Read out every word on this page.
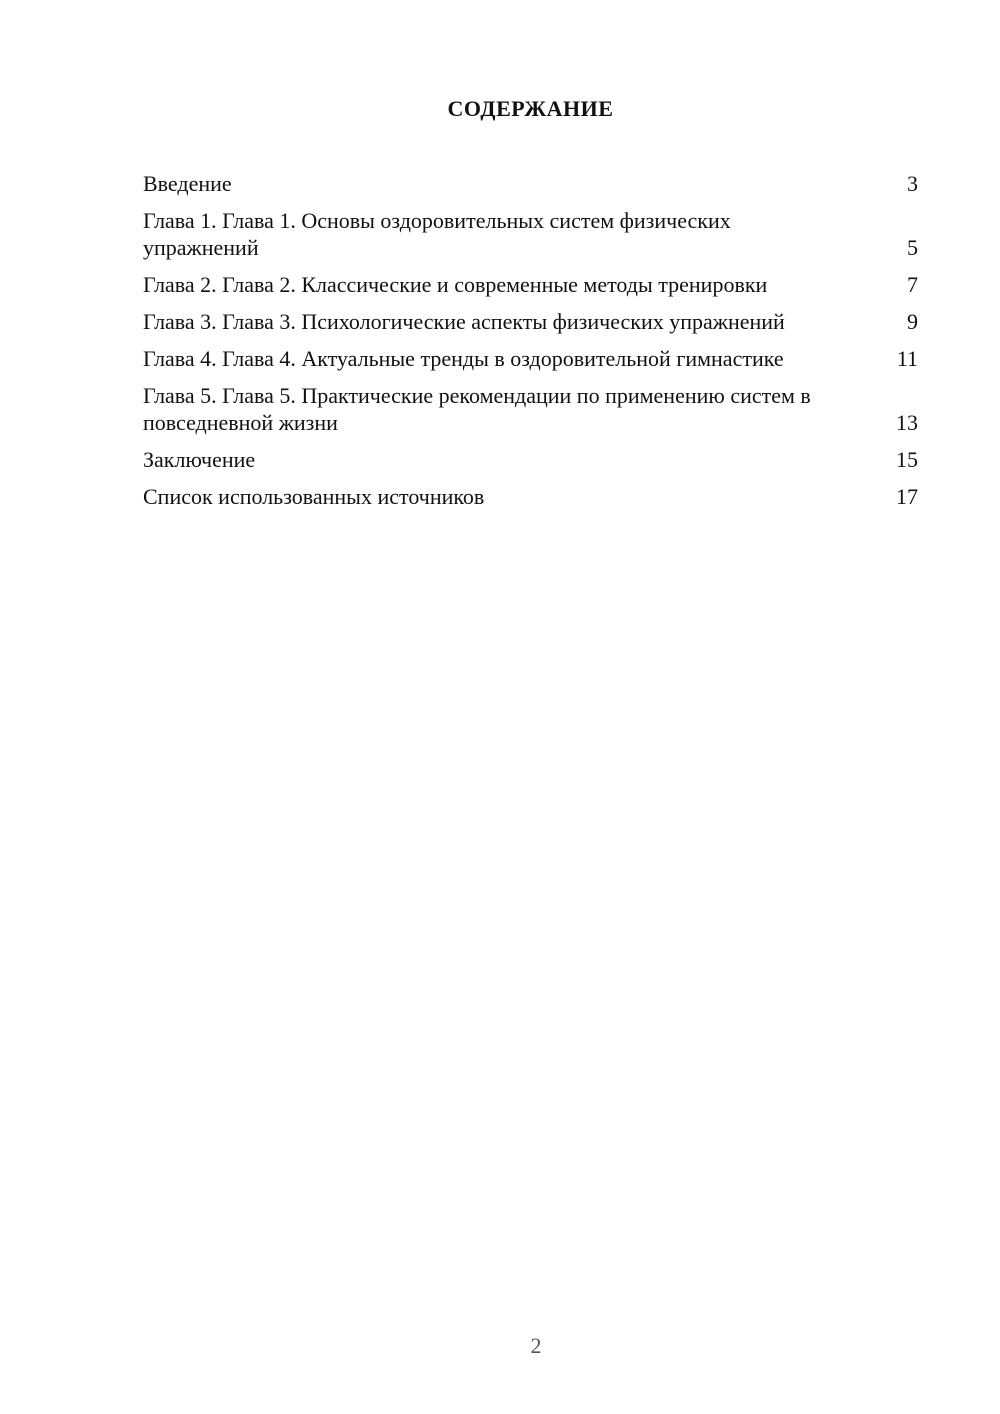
СОДЕРЖАНИЕ
Введение	3
Глава 1. Глава 1. Основы оздоровительных систем физических упражнений	5
Глава 2. Глава 2. Классические и современные методы тренировки	7
Глава 3. Глава 3. Психологические аспекты физических упражнений	9
Глава 4. Глава 4. Актуальные тренды в оздоровительной гимнастике	11
Глава 5. Глава 5. Практические рекомендации по применению систем в повседневной жизни	13
Заключение	15
Список использованных источников	17
2
